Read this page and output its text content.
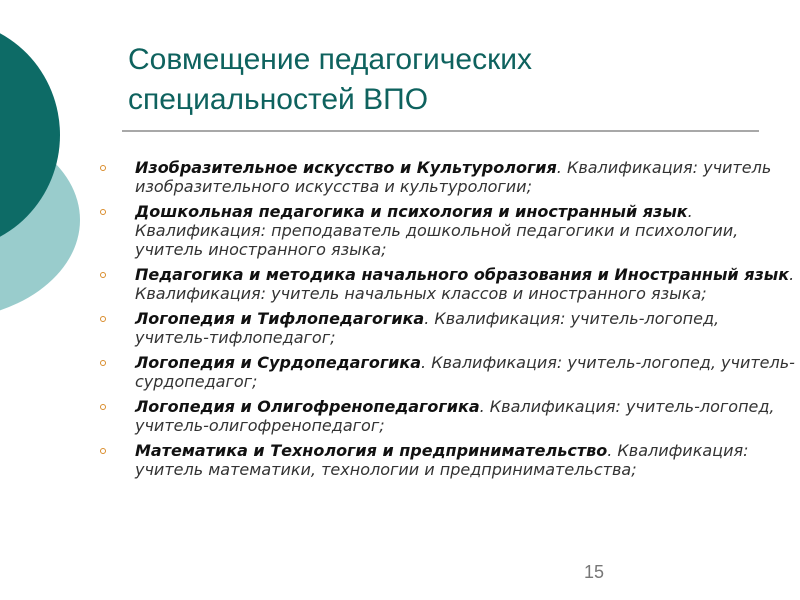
Совмещение педагогических специальностей ВПО
Изобразительное искусство и Культурология. Квалификация: учитель изобразительного искусства и культурологии;
Дошкольная педагогика и психология и иностранный язык. Квалификация: преподаватель дошкольной педагогики и психологии, учитель иностранного языка;
Педагогика и методика начального образования и Иностранный язык. Квалификация: учитель начальных классов и иностранного языка;
Логопедия и Тифлопедагогика. Квалификация: учитель-логопед, учитель-тифлопедагог;
Логопедия и Сурдопедагогика. Квалификация: учитель-логопед, учитель-сурдопедагог;
Логопедия и Олигофренопедагогика. Квалификация: учитель-логопед, учитель-олигофренопедагог;
Математика и Технология и предпринимательство. Квалификация: учитель математики, технологии и предпринимательства;
15
